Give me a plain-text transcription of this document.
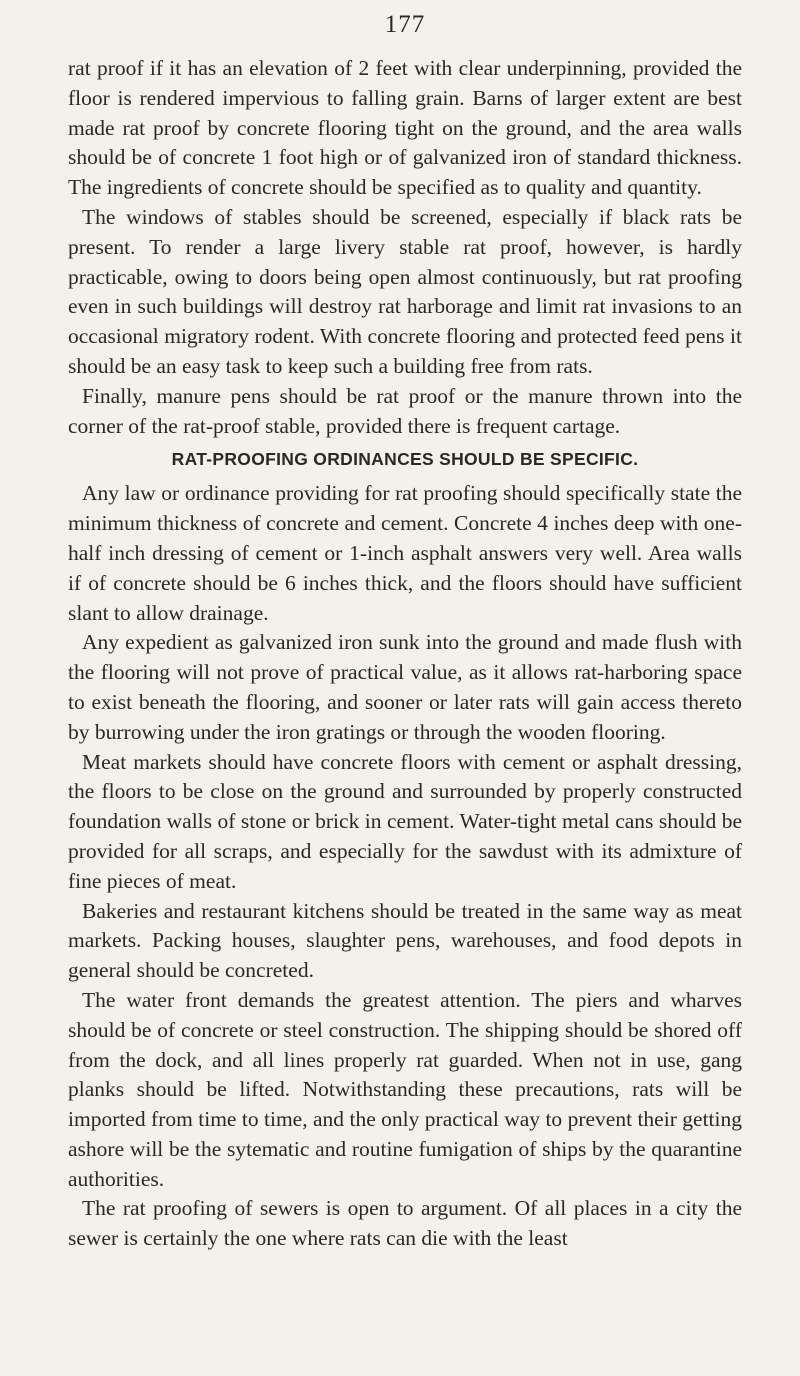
177

rat proof if it has an elevation of 2 feet with clear underpinning, provided the floor is rendered impervious to falling grain. Barns of larger extent are best made rat proof by concrete flooring tight on the ground, and the area walls should be of concrete 1 foot high or of galvanized iron of standard thickness. The ingredients of concrete should be specified as to quality and quantity.

The windows of stables should be screened, especially if black rats be present. To render a large livery stable rat proof, however, is hardly practicable, owing to doors being open almost continuously, but rat proofing even in such buildings will destroy rat harborage and limit rat invasions to an occasional migratory rodent. With concrete flooring and protected feed pens it should be an easy task to keep such a building free from rats.

Finally, manure pens should be rat proof or the manure thrown into the corner of the rat-proof stable, provided there is frequent cartage.

RAT-PROOFING ORDINANCES SHOULD BE SPECIFIC.

Any law or ordinance providing for rat proofing should specifically state the minimum thickness of concrete and cement. Concrete 4 inches deep with one-half inch dressing of cement or 1-inch asphalt answers very well. Area walls if of concrete should be 6 inches thick, and the floors should have sufficient slant to allow drainage.

Any expedient as galvanized iron sunk into the ground and made flush with the flooring will not prove of practical value, as it allows rat-harboring space to exist beneath the flooring, and sooner or later rats will gain access thereto by burrowing under the iron gratings or through the wooden flooring.

Meat markets should have concrete floors with cement or asphalt dressing, the floors to be close on the ground and surrounded by properly constructed foundation walls of stone or brick in cement. Water-tight metal cans should be provided for all scraps, and especially for the sawdust with its admixture of fine pieces of meat.

Bakeries and restaurant kitchens should be treated in the same way as meat markets. Packing houses, slaughter pens, warehouses, and food depots in general should be concreted.

The water front demands the greatest attention. The piers and wharves should be of concrete or steel construction. The shipping should be shored off from the dock, and all lines properly rat guarded. When not in use, gang planks should be lifted. Notwithstanding these precautions, rats will be imported from time to time, and the only practical way to prevent their getting ashore will be the sytematic and routine fumigation of ships by the quarantine authorities.

The rat proofing of sewers is open to argument. Of all places in a city the sewer is certainly the one where rats can die with the least
